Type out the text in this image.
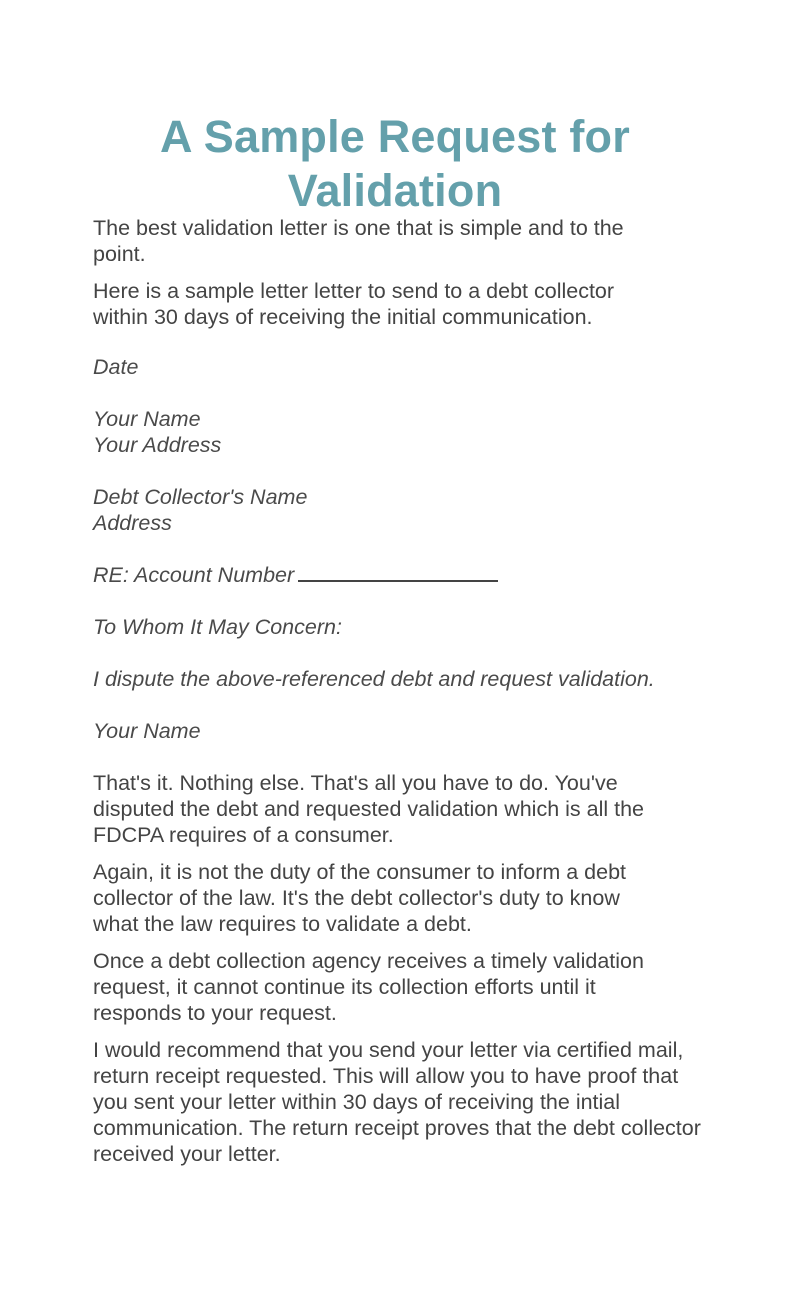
A Sample Request for
Validation

The best validation letter is one that is simple and to the point.

Here is a sample letter letter to send to a debt collector within 30 days of receiving the initial communication.

Date

Your Name

Your Address

Debt Collector's Name

Address

RE: Account Number

To Whom It May Concern:

I dispute the above-referenced debt and request validation.

Your Name

That's it. Nothing else. That's all you have to do. You've disputed the debt and requested validation which is all the FDCPA requires of a consumer.

Again, it is not the duty of the consumer to inform a debt collector of the law. It's the debt collector's duty to know what the law requires to validate a debt.

Once a debt collection agency receives a timely validation request, it cannot continue its collection efforts until it responds to your request.

I would recommend that you send your letter via certified mail, return receipt requested. This will allow you to have proof that you sent your letter within 30 days of receiving the intial communication. The return receipt proves that the debt collector received your letter.
